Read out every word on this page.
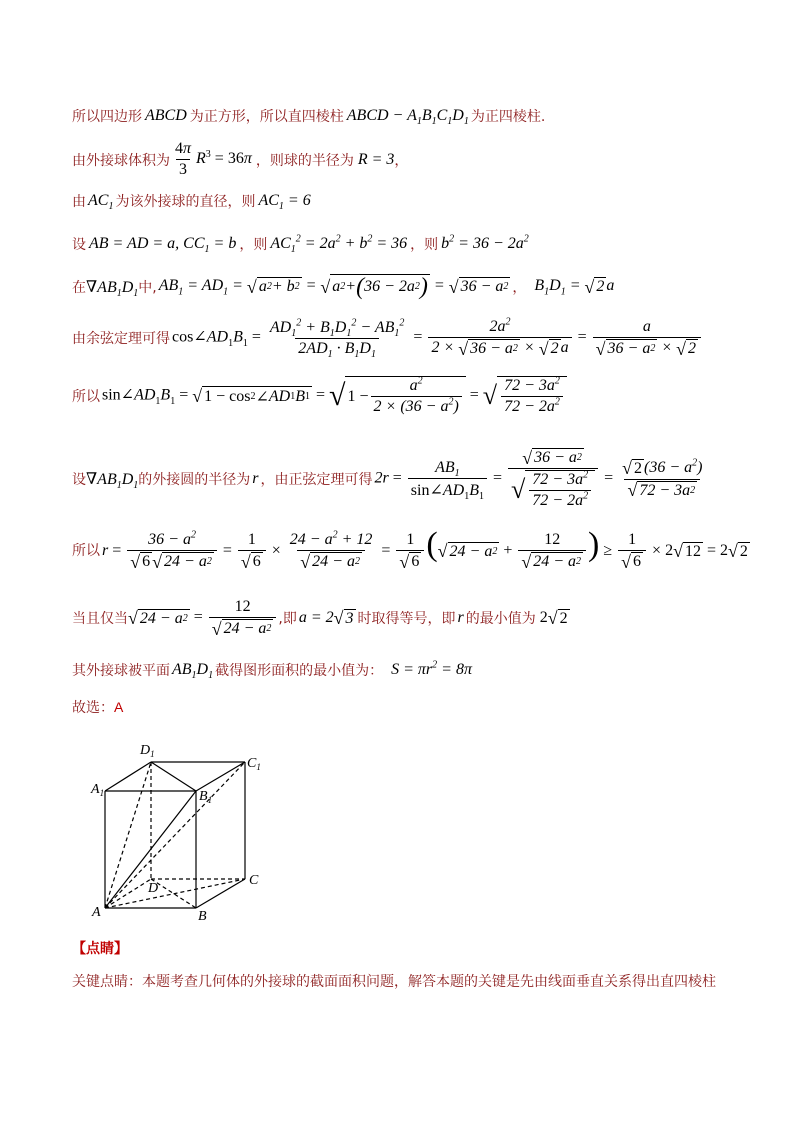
所以四边形 ABCD 为正方形，所以直四棱柱 ABCD − $A_1B_1C_1D_1$ 为正四棱柱.
由外接球体积为 $\frac{4\pi}{3} R^3 = 36\pi$ ，则球的半径为 R = 3 ，
由 $AC_1$ 为该外接球的直径，则 $AC_1 = 6$
设 AB = AD = a, $CC_1 = b$ ，则 $AC_1^2 = 2a^2 + b^2 = 36$ ，则 $b^2 = 36 - 2a^2$
在 $\nabla AB_1D_1$ 中, $AB_1 = AD_1$ = √ a 2 + b 2 = √ a 2 + ( 36 − 2a 2 ) = √ 36 − a 2 ， $B_1D_1$ = √ 2 a
由余弦定理可得 $\cos\angle AD_1B_1 = \frac{AD_1^2 + B_1D_1^2 - AB_1^2}{2AD_1 \cdot B_1D_1} = \frac{2a^2}{2 \times √ 36 - a 2 \times √ 2 a} = \frac{a}{√ 36 - a 2 \times √ 2}$
所以 $\sin\angle AD_1B_1$ = √ 1 − cos 2 ∠ AD 1 B 1 = √ $1 - \frac{a^2}{2 \times (36 - a^2)}$ = √ $\frac{72 - 3a^2}{72 - 2a^2}$
设 $\nabla AB_1D_1$ 的外接圆的半径为 r ，由正弦定理可得 $2r = \frac{AB_1}{\sin\angle AD_1B_1} = \frac{√ 36 - a 2}{√ \frac{72 - 3a^2}{72 - 2a^2}} = \frac{√ 2 (36 - a^2)}{√ 72 - 3a 2}$
所以 $r = \frac{36 - a^2}{√ 6 √ 24 - a 2} = \frac{1}{√ 6} \times \frac{24 - a^2 + 12}{√ 24 - a 2} = \frac{1}{√ 6}$ ( √ 24 − a $2 + \frac{12}{√ 24 - a 2}$ ) ≥ $\frac{1}{√ 6} \times 2$ √ 12 = 2 √ 2
当且仅当 √ 24 − a $2 = \frac{12}{√ 24 - a 2}$ ,即 a = 2 √ 3 时取得等号，即 r 的最小值为 2 √ 2
其外接球被平面 $AB_1D_1$ 截得图形面积的最小值为： $S = \pi r^2 = 8\pi$
故选： A
$D_1$
$C_1$
$A_1$	$B_1$
D
C
A	B
【点睛】
关键点睛：本题考查几何体的外接球的截面面积问题，解答本题的关键是先由线面垂直关系得出直四棱柱
